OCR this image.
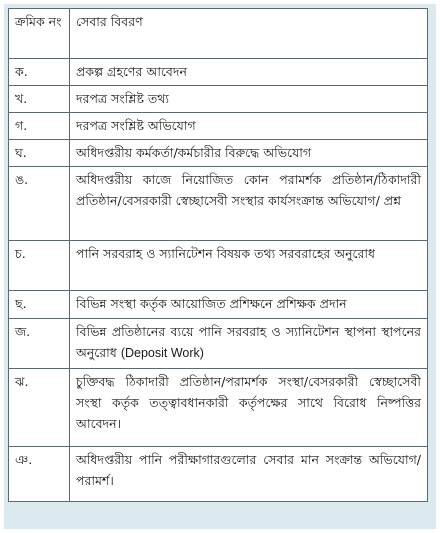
ক্রমিক নং	সেবার বিবরণ
ক.	প্রকল্প গ্রহণের আবেদন
খ.	দরপত্র সংশ্লিষ্ট তথ্য
গ.	দরপত্র সংশ্লিষ্ট অভিযোগ
ঘ.	অধিদপ্তরীয় কর্মকর্তা/কর্মচারীর বিরুদ্ধে অভিযোগ
ঙ.	অধিদপ্তরীয় কাজে নিয়োজিত কোন পরামর্শক প্রতিষ্ঠান/ঠিকাদারী প্রতিষ্ঠান/বেসরকারী স্বেচ্ছাসেবী সংস্থার কার্যসংক্রান্ত অভিযোগ/ প্রশ্ন
চ.	পানি সরবরাহ ও স্যানিটেশন বিষয়ক তথ্য সরবরাহের অনুরোধ
ছ.	বিভিন্ন সংস্থা কর্তৃক আয়োজিত প্রশিক্ষনে প্রশিক্ষক প্রদান
জ.	বিভিন্ন প্রতিষ্ঠানের ব্যয়ে পানি সরবরাহ ও স্যানিটেশন স্থাপনা স্থাপনের অনুরোধ (Deposit Work)
ঝ.	চুক্তিবদ্ধ ঠিকাদারী প্রতিষ্ঠান/পরামর্শক সংস্থা/বেসরকারী স্বেচ্ছাসেবী সংস্থা কর্তৃক তত্ত্বাবধানকারী কর্তৃপক্ষের সাথে বিরোধ নিষ্পত্তির আবেদন।
ঞ.	অধিদপ্তরীয় পানি পরীক্ষাগারগুলোর সেবার মান সংক্রান্ত অভিযোগ/পরামর্শ।
